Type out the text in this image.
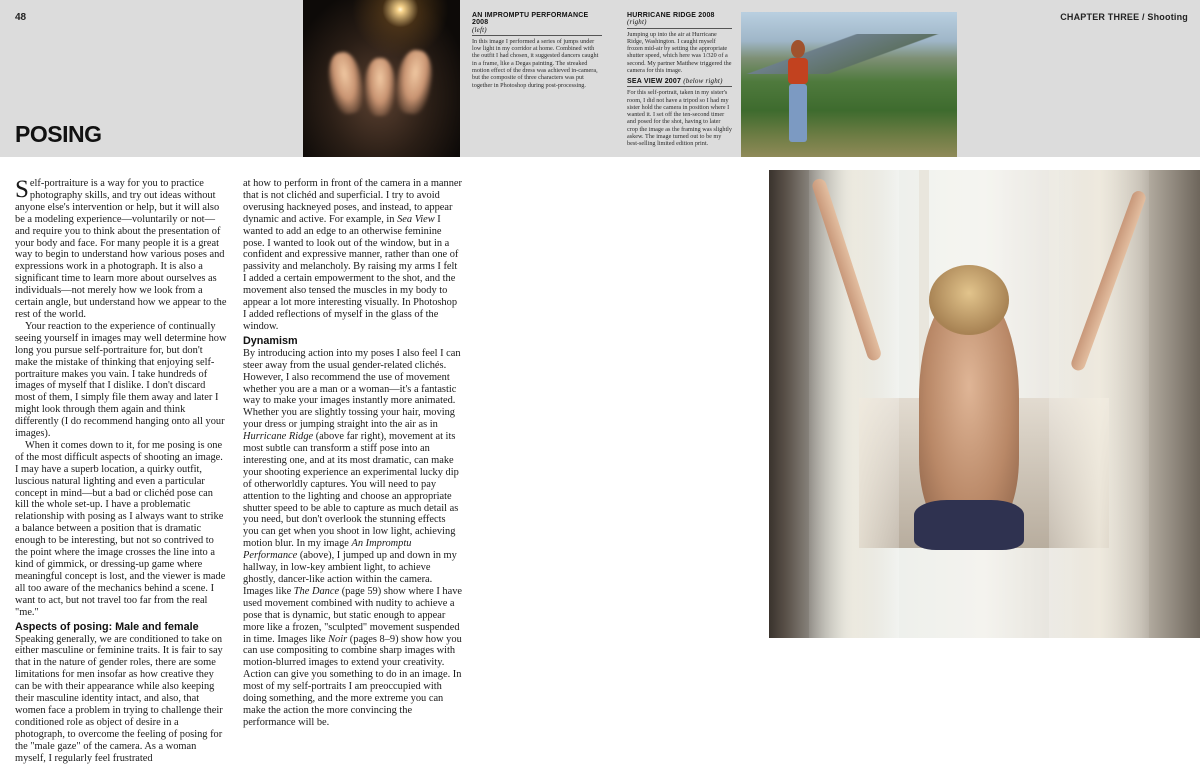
48	CHAPTER THREE / Shooting
POSING
AN IMPROMPTU PERFORMANCE 2008
(left)

In this image I performed a series of jumps under low light in my corridor at home. Combined with the outfit I had chosen, it suggested dancers caught in a frame, like a Degas painting. The streaked motion effect of the dress was achieved in-camera, but the composite of three characters was put together in Photoshop during post-processing.

HURRICANE RIDGE 2008 (right)

Jumping up into the air at Hurricane Ridge, Washington. I caught myself frozen mid-air by setting the appropriate shutter speed, which here was 1/320 of a second. My partner Matthew triggered the camera for this image.

SEA VIEW 2007 (below right)

For this self-portrait, taken in my sister's room, I did not have a tripod so I had my sister hold the camera in position where I wanted it. I set off the ten-second timer and posed for the shot, having to later crop the image as the framing was slightly askew. The image turned out to be my best-selling limited edition print.

Self-portraiture is a way for you to practice photography skills, and try out ideas without anyone else's intervention or help, but it will also be a modeling experience—voluntarily or not—and require you to think about the presentation of your body and face. For many people it is a great way to begin to understand how various poses and expressions work in a photograph. It is also a significant time to learn more about ourselves as individuals—not merely how we look from a certain angle, but understand how we appear to the rest of the world.

Your reaction to the experience of continually seeing yourself in images may well determine how long you pursue self-portraiture for, but don't make the mistake of thinking that enjoying self-portraiture makes you vain. I take hundreds of images of myself that I dislike. I don't discard most of them, I simply file them away and later I might look through them again and think differently (I do recommend hanging onto all your images).

When it comes down to it, for me posing is one of the most difficult aspects of shooting an image. I may have a superb location, a quirky outfit, luscious natural lighting and even a particular concept in mind—but a bad or clichéd pose can kill the whole set-up. I have a problematic relationship with posing as I always want to strike a balance between a position that is dramatic enough to be interesting, but not so contrived to the point where the image crosses the line into a kind of gimmick, or dressing-up game where meaningful concept is lost, and the viewer is made all too aware of the mechanics behind a scene. I want to act, but not travel too far from the real "me."

Aspects of posing: Male and female

Speaking generally, we are conditioned to take on either masculine or feminine traits. It is fair to say that in the nature of gender roles, there are some limitations for men insofar as how creative they can be with their appearance while also keeping their masculine identity intact, and also, that women face a problem in trying to challenge their conditioned role as object of desire in a photograph, to overcome the feeling of posing for the "male gaze" of the camera. As a woman myself, I regularly feel frustrated

at how to perform in front of the camera in a manner that is not clichéd and superficial. I try to avoid overusing hackneyed poses, and instead, to appear dynamic and active. For example, in Sea View I wanted to add an edge to an otherwise feminine pose. I wanted to look out of the window, but in a confident and expressive manner, rather than one of passivity and melancholy. By raising my arms I felt I added a certain empowerment to the shot, and the movement also tensed the muscles in my body to appear a lot more interesting visually. In Photoshop I added reflections of myself in the glass of the window.

Dynamism

By introducing action into my poses I also feel I can steer away from the usual gender-related clichés. However, I also recommend the use of movement whether you are a man or a woman—it's a fantastic way to make your images instantly more animated. Whether you are slightly tossing your hair, moving your dress or jumping straight into the air as in Hurricane Ridge (above far right), movement at its most subtle can transform a stiff pose into an interesting one, and at its most dramatic, can make your shooting experience an experimental lucky dip of otherworldly captures. You will need to pay attention to the lighting and choose an appropriate shutter speed to be able to capture as much detail as you need, but don't overlook the stunning effects you can get when you shoot in low light, achieving motion blur. In my image An Impromptu Performance (above), I jumped up and down in my hallway, in low-key ambient light, to achieve ghostly, dancer-like action within the camera. Images like The Dance (page 59) show where I have used movement combined with nudity to achieve a pose that is dynamic, but static enough to appear more like a frozen, "sculpted" movement suspended in time. Images like Noir (pages 8–9) show how you can use compositing to combine sharp images with motion-blurred images to extend your creativity. Action can give you something to do in an image. In most of my self-portraits I am preoccupied with doing something, and the more extreme you can make the action the more convincing the performance will be.
